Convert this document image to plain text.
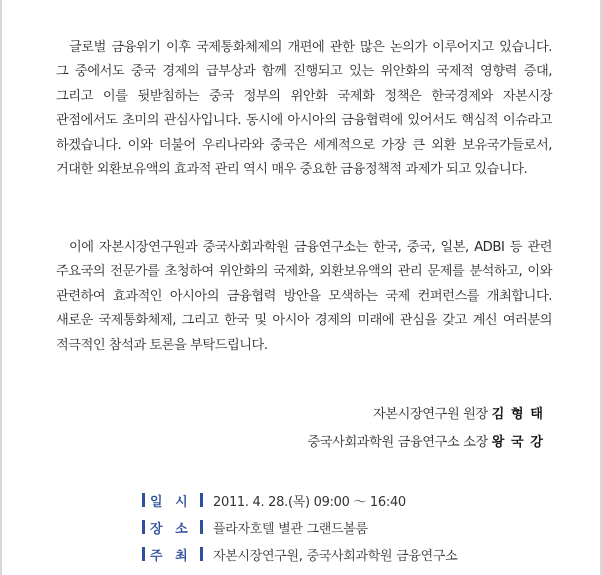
글로벌 금융위기 이후 국제통화체제의 개편에 관한 많은 논의가 이루어지고 있습니다. 그 중에서도 중국 경제의 급부상과 함께 진행되고 있는 위안화의 국제적 영향력 증대, 그리고 이를 뒷받침하는 중국 정부의 위안화 국제화 정책은 한국경제와 자본시장 관점에서도 초미의 관심사입니다. 동시에 아시아의 금융협력에 있어서도 핵심적 이슈라고 하겠습니다. 이와 더불어 우리나라와 중국은 세계적으로 가장 큰 외환 보유국가들로서, 거대한 외환보유액의 효과적 관리 역시 매우 중요한 금융정책적 과제가 되고 있습니다.

이에 자본시장연구원과 중국사회과학원 금융연구소는 한국, 중국, 일본, ADBI 등 관련 주요국의 전문가를 초청하여 위안화의 국제화, 외환보유액의 관리 문제를 분석하고, 이와 관련하여 효과적인 아시아의 금융협력 방안을 모색하는 국제 컨퍼런스를 개최합니다. 새로운 국제통화체제, 그리고 한국 및 아시아 경제의 미래에 관심을 갖고 계신 여러분의 적극적인 참석과 토론을 부탁드립니다.

자본시장연구원 원장 김 형 태
중국사회과학원 금융연구소 소장 왕 국 강
일 시	2011. 4. 28.(목) 09:00 ～ 16:40
장 소	플라자호텔 별관 그랜드볼룸
주 최	자본시장연구원, 중국사회과학원 금융연구소
